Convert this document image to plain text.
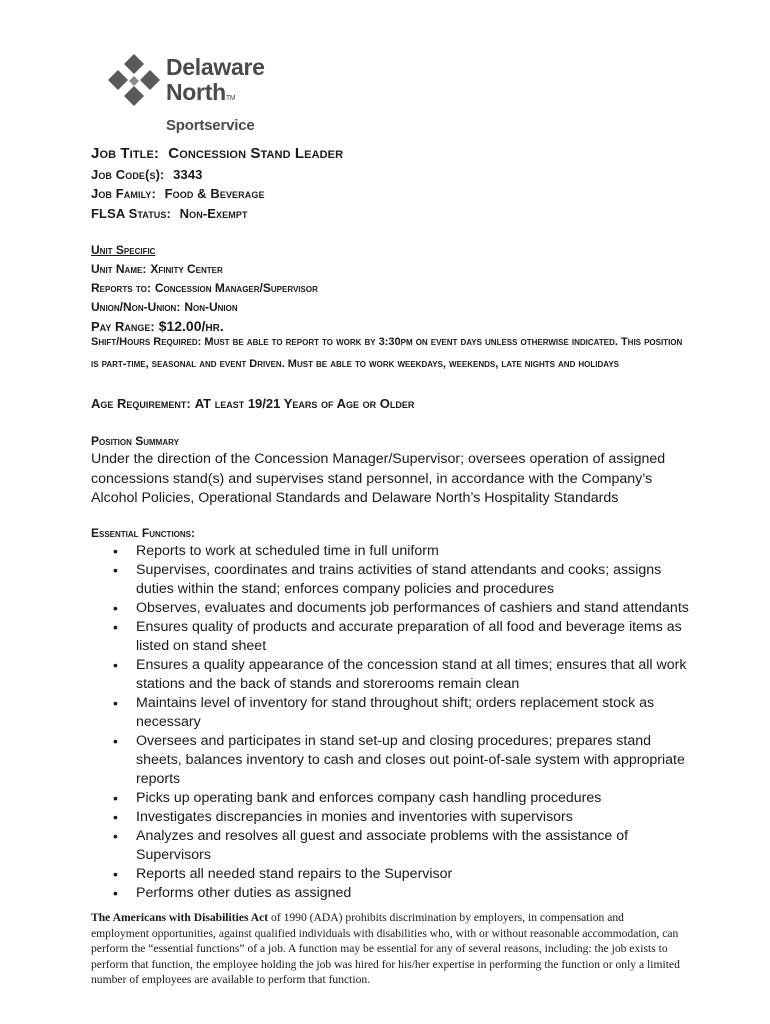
Delaware
NorthTM
Sportservice
Job Title: Concession Stand Leader
Job Code(s): 3343
Job Family: Food & Beverage
FLSA Status: Non-Exempt
Unit Specific
Unit Name: Xfinity Center
Reports to: Concession Manager/Supervisor
Union/Non-Union: Non-Union
Pay Range: $12.00/hr.
Shift/Hours Required: Must be able to report to work by 3:30pm on event days unless otherwise indicated. This position is part-time, seasonal and event Driven. Must be able to work weekdays, weekends, late nights and holidays
Age Requirement: AT least 19/21 Years of Age or Older
Position Summary
Under the direction of the Concession Manager/Supervisor; oversees operation of assigned concessions stand(s) and supervises stand personnel, in accordance with the Company’s Alcohol Policies, Operational Standards and Delaware North’s Hospitality Standards
Essential Functions:
• Reports to work at scheduled time in full uniform
• Supervises, coordinates and trains activities of stand attendants and cooks; assigns duties within the stand; enforces company policies and procedures
• Observes, evaluates and documents job performances of cashiers and stand attendants
• Ensures quality of products and accurate preparation of all food and beverage items as listed on stand sheet
• Ensures a quality appearance of the concession stand at all times; ensures that all work stations and the back of stands and storerooms remain clean
• Maintains level of inventory for stand throughout shift; orders replacement stock as necessary
• Oversees and participates in stand set-up and closing procedures; prepares stand sheets, balances inventory to cash and closes out point-of-sale system with appropriate reports
• Picks up operating bank and enforces company cash handling procedures
• Investigates discrepancies in monies and inventories with supervisors
• Analyzes and resolves all guest and associate problems with the assistance of Supervisors
• Reports all needed stand repairs to the Supervisor
• Performs other duties as assigned
The Americans with Disabilities Act of 1990 (ADA) prohibits discrimination by employers, in compensation and employment opportunities, against qualified individuals with disabilities who, with or without reasonable accommodation, can perform the “essential functions” of a job. A function may be essential for any of several reasons, including: the job exists to perform that function, the employee holding the job was hired for his/her expertise in performing the function or only a limited number of employees are available to perform that function.
